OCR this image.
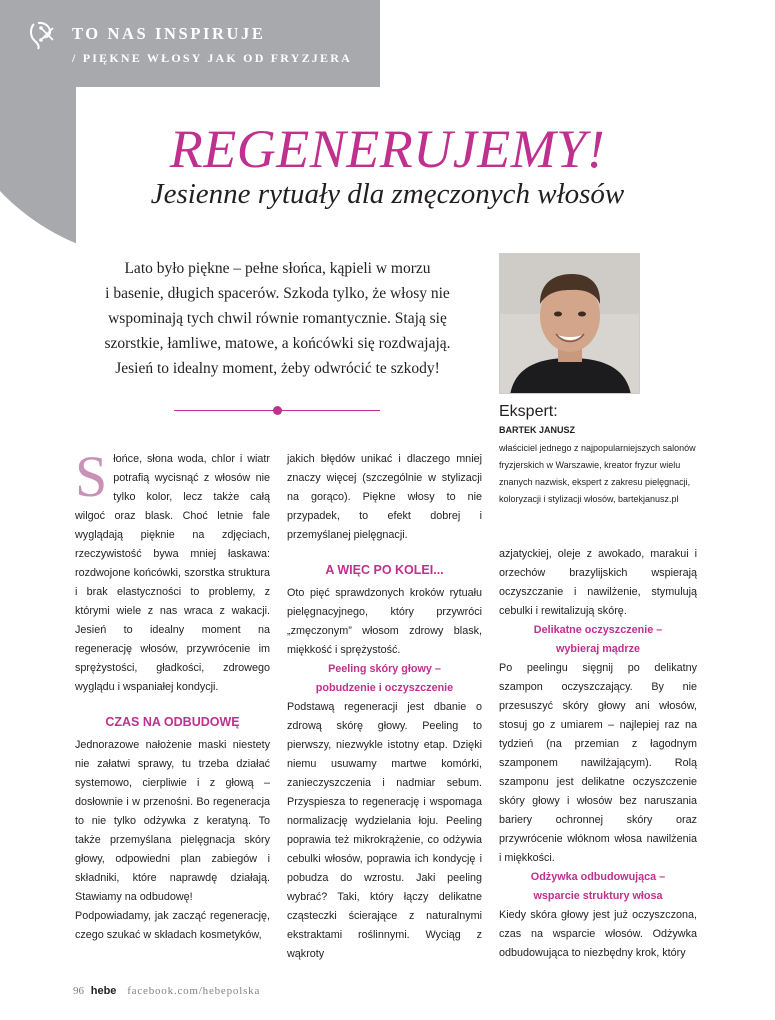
TO NAS INSPIRUJE
/ PIĘKNE WŁOSY JAK OD FRYZJERA
REGENERUJEMY!
Jesienne rytuały dla zmęczonych włosów
Lato było piękne – pełne słońca, kąpieli w morzu
i basenie, długich spacerów. Szkoda tylko, że włosy nie
wspominają tych chwil równie romantycznie. Stają się
szorstkie, łamliwe, matowe, a końcówki się rozdwajają.
Jesień to idealny moment, żeby odwrócić te szkody!
Ekspert:
BARTEK JANUSZ
właściciel jednego z najpopularniejszych salonów fryzjerskich w Warszawie, kreator fryzur wielu znanych nazwisk, ekspert z zakresu pielęgnacji, koloryzacji i stylizacji włosów, bartekjanusz.pl

Słońce, słona woda, chlor i wiatr potrafią wycisnąć z włosów nie tylko kolor, lecz także całą wilgoć oraz blask. Choć letnie fale wyglądają pięknie na zdjęciach, rzeczywistość bywa mniej łaskawa: rozdwojone końcówki, szorstka struktura i brak elastyczności to problemy, z którymi wiele z nas wraca z wakacji. Jesień to idealny moment na regenerację włosów, przywrócenie im sprężystości, gładkości, zdrowego wyglądu i wspaniałej kondycji.

CZAS NA ODBUDOWĘ

Jednorazowe nałożenie maski niestety nie załatwi sprawy, tu trzeba działać systemowo, cierpliwie i z głową – dosłownie i w przenośni. Bo regeneracja to nie tylko odżywka z keratyną. To także przemyślana pielęgnacja skóry głowy, odpowiedni plan zabiegów i składniki, które naprawdę działają. Stawiamy na odbudowę!

Podpowiadamy, jak zacząć regenerację, czego szukać w składach kosmetyków,

jakich błędów unikać i dlaczego mniej znaczy więcej (szczególnie w stylizacji na gorąco). Piękne włosy to nie przypadek, to efekt dobrej i przemyślanej pielęgnacji.

A WIĘC PO KOLEI...

Oto pięć sprawdzonych kroków rytuału pielęgnacyjnego, który przywróci „zmęczonym” włosom zdrowy blask, miękkość i sprężystość.

Peeling skóry głowy –
pobudzenie i oczyszczenie

Podstawą regeneracji jest dbanie o zdrową skórę głowy. Peeling to pierwszy, niezwykle istotny etap. Dzięki niemu usuwamy martwe komórki, zanieczyszczenia i nadmiar sebum. Przyspiesza to regenerację i wspomaga normalizację wydzielania łoju. Peeling poprawia też mikrokrążenie, co odżywia cebulki włosów, poprawia ich kondycję i pobudza do wzrostu. Jaki peeling wybrać? Taki, który łączy delikatne cząsteczki ścierające z naturalnymi ekstraktami roślinnymi. Wyciąg z wąkroty

azjatyckiej, oleje z awokado, marakui i orzechów brazylijskich wspierają oczyszczanie i nawilżenie, stymulują cebulki i rewitalizują skórę.

Delikatne oczyszczenie –
wybieraj mądrze

Po peelingu sięgnij po delikatny szampon oczyszczający. By nie przesuszyć skóry głowy ani włosów, stosuj go z umiarem – najlepiej raz na tydzień (na przemian z łagodnym szamponem nawilżającym). Rolą szamponu jest delikatne oczyszczenie skóry głowy i włosów bez naruszania bariery ochronnej skóry oraz przywrócenie włóknom włosa nawilżenia i miękkości.

Odżywka odbudowująca –
wsparcie struktury włosa

Kiedy skóra głowy jest już oczyszczona, czas na wsparcie włosów. Odżywka odbudowująca to niezbędny krok, który

96 hebe facebook.com/hebepolska
